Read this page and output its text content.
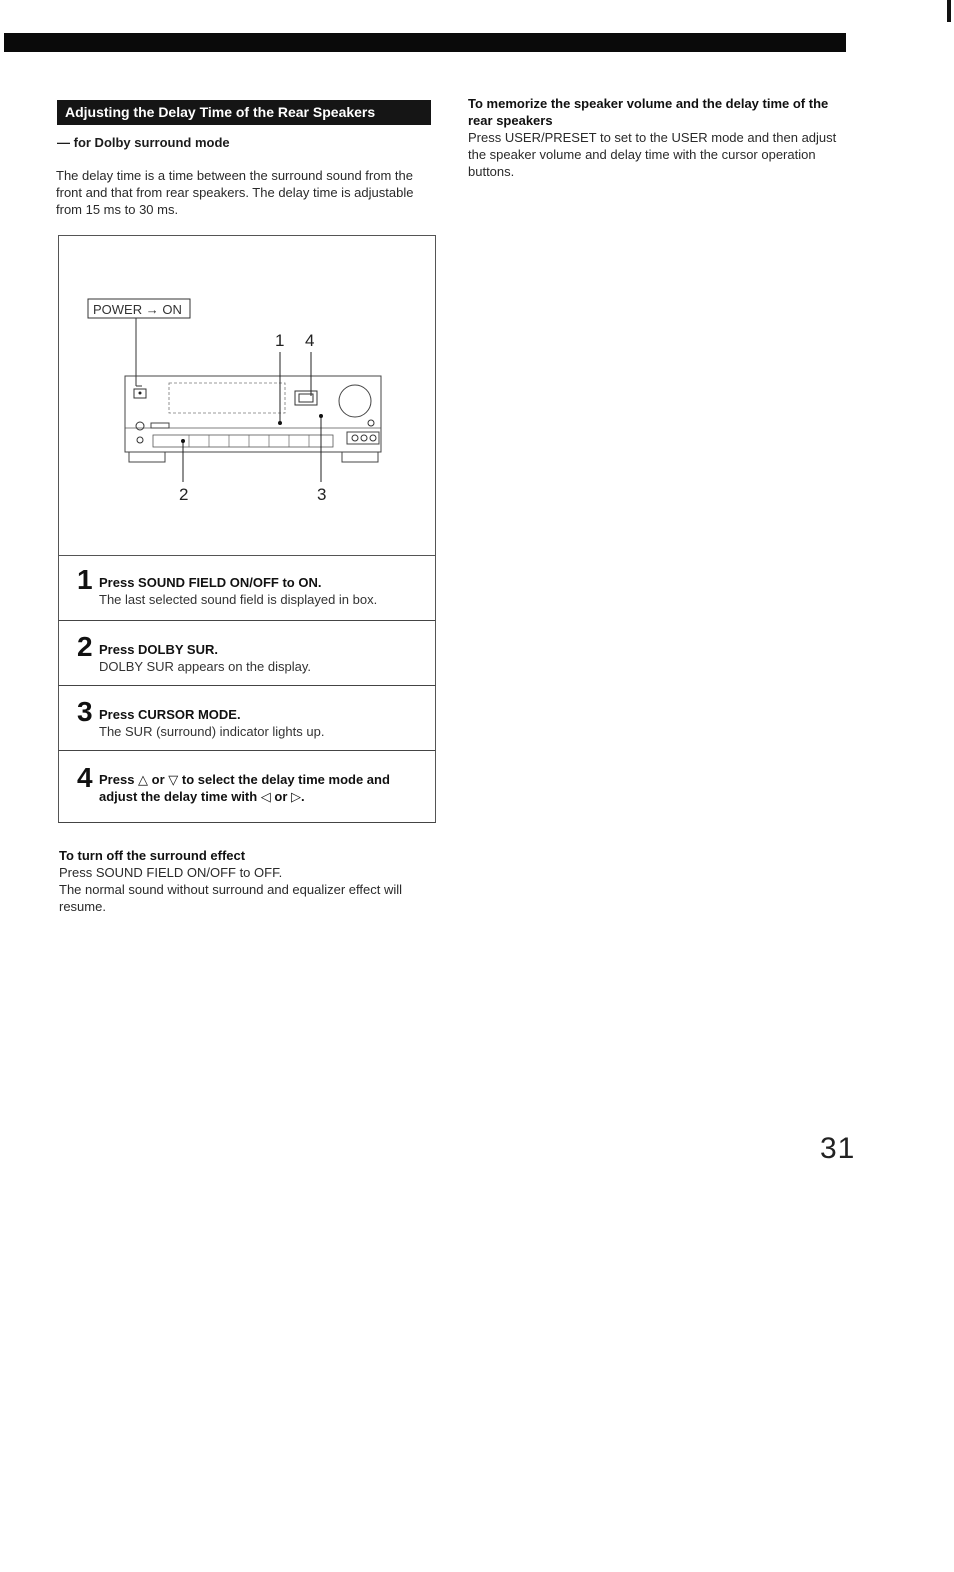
Adjusting the Delay Time of the Rear Speakers
— for Dolby surround mode
The delay time is a time between the surround sound from the front and that from rear speakers. The delay time is adjustable from 15 ms to 30 ms.
POWER → ON
1 4
2	3
1 Press SOUND FIELD ON/OFF to ON.
The last selected sound field is displayed in box.
2 Press DOLBY SUR.
DOLBY SUR appears on the display.
3 Press CURSOR MODE.
The SUR (surround) indicator lights up.
4 Press △ or ▽ to select the delay time mode and
adjust the delay time with ◁ or ▷.
To turn off the surround effect
Press SOUND FIELD ON/OFF to OFF.
The normal sound without surround and equalizer effect will resume.
To memorize the speaker volume and the delay time of the rear speakers
Press USER/PRESET to set to the USER mode and then adjust the speaker volume and delay time with the cursor operation buttons.
31
